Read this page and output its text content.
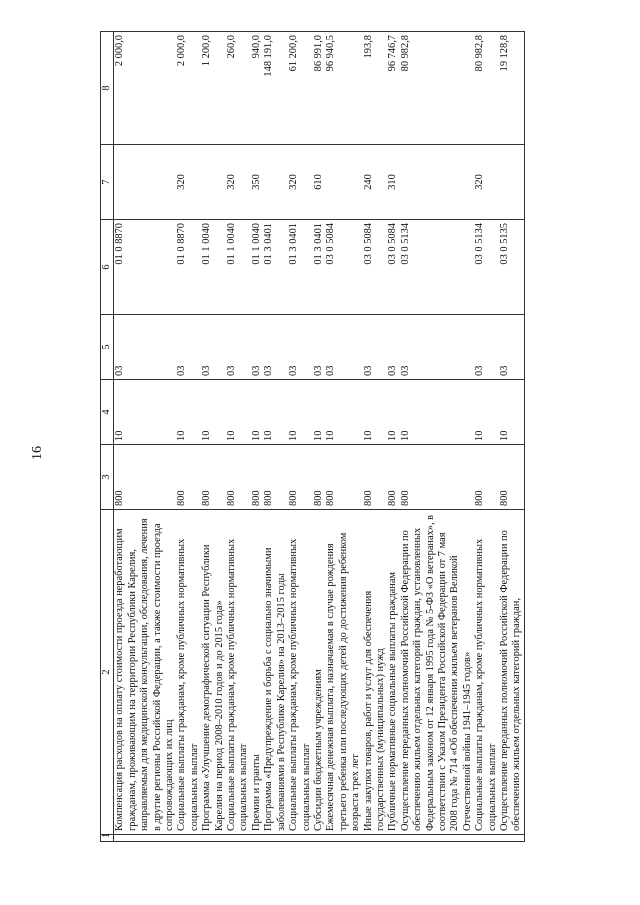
16
1	2	3	4	5	6	7	8
	Компенсация расходов на оплату стоимости проезда неработающим гражданам, проживающим на территории Республики Карелия, направляемым для медицинской консультации, обследования, лечения в другие регионы Российской Федерации, а также стоимости проезда сопровождающих их лиц	800	10	03	01 0 8870		2 000,0
	Социальные выплаты гражданам, кроме публичных нормативных социальных выплат	800	10	03	01 0 8870	320	2 000,0
	Программа «Улучшение демографической ситуации Республики Карелия на период 2008–2010 годов и до 2015 года»	800	10	03	01 1 0040		1 200,0
	Социальные выплаты гражданам, кроме публичных нормативных социальных выплат	800	10	03	01 1 0040	320	260,0
	Премии и гранты	800	10	03	01 1 0040	350	940,0
	Программа «Предупреждение и борьба с социально значимыми заболеваниями в Республике Карелия» на 2013–2015 годы	800	10	03	01 3 0401		148 191,0
	Социальные выплаты гражданам, кроме публичных нормативных социальных выплат	800	10	03	01 3 0401	320	61 200,0
	Субсидии бюджетным учреждениям	800	10	03	01 3 0401	610	86 991,0
	Ежемесячная денежная выплата, назначаемая в случае рождения третьего ребенка или последующих детей до достижения ребенком возраста трех лет	800	10	03	03 0 5084		96 940,5
	Иные закупки товаров, работ и услуг для обеспечения государственных (муниципальных) нужд	800	10	03	03 0 5084	240	193,8
	Публичные нормативные социальные выплаты гражданам	800	10	03	03 0 5084	310	96 746,7
	Осуществление переданных полномочий Российской Федерации по обеспечению жильем отдельных категорий граждан, установленных Федеральным законом от 12 января 1995 года № 5-ФЗ «О ветеранах», в соответствии с Указом Президента Российской Федерации от 7 мая 2008 года № 714 «Об обеспечении жильем ветеранов Великой Отечественной войны 1941–1945 годов»	800	10	03	03 0 5134		80 982,8
	Социальные выплаты гражданам, кроме публичных нормативных социальных выплат	800	10	03	03 0 5134	320	80 982,8
	Осуществление переданных полномочий Российской Федерации по обеспечению жильем отдельных категорий граждан,	800	10	03	03 0 5135		19 128,8
